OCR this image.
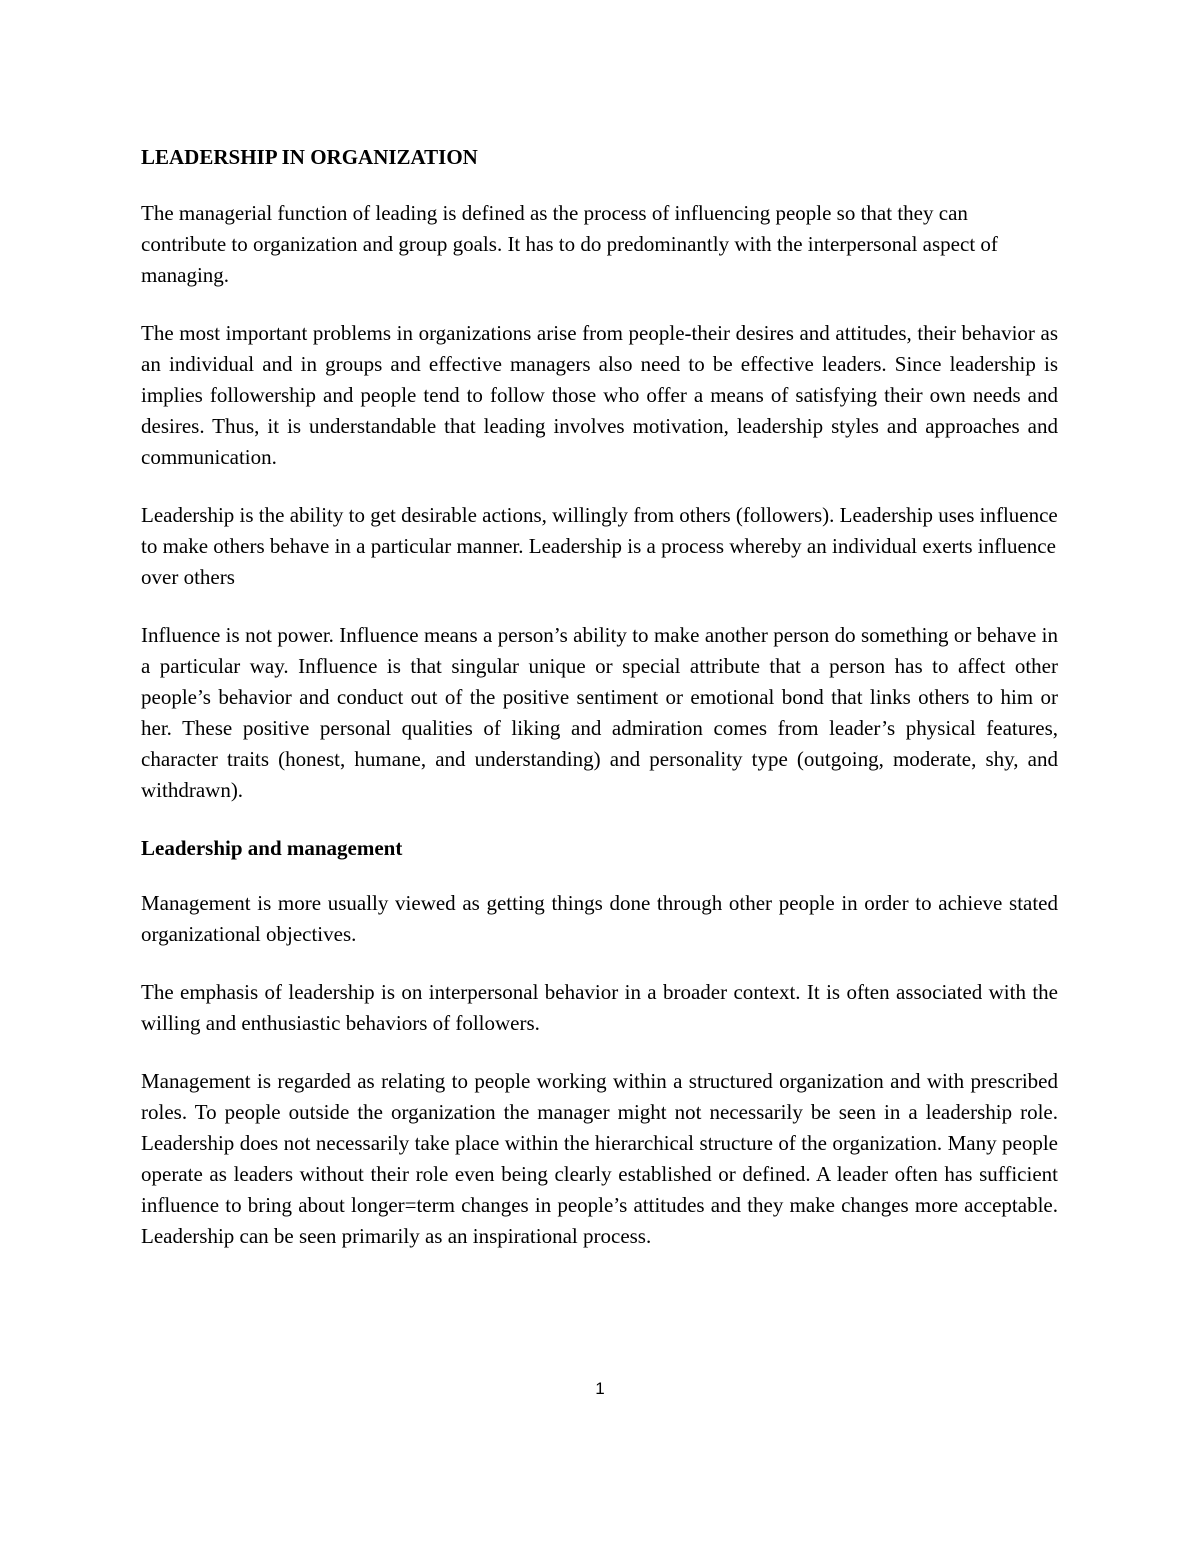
LEADERSHIP IN ORGANIZATION

The managerial function of leading is defined as the process of influencing people so that they can contribute to organization and group goals. It has to do predominantly with the interpersonal aspect of managing.

The most important problems in organizations arise from people-their desires and attitudes, their behavior as an individual and in groups and effective managers also need to be effective leaders. Since leadership is implies followership and people tend to follow those who offer a means of satisfying their own needs and desires. Thus, it is understandable that leading involves motivation, leadership styles and approaches and communication.

Leadership is the ability to get desirable actions, willingly from others (followers). Leadership uses influence to make others behave in a particular manner. Leadership is a process whereby an individual exerts influence over others

Influence is not power. Influence means a person’s ability to make another person do something or behave in a particular way. Influence is that singular unique or special attribute that a person has to affect other people’s behavior and conduct out of the positive sentiment or emotional bond that links others to him or her. These positive personal qualities of liking and admiration comes from leader’s physical features, character traits (honest, humane, and understanding) and personality type (outgoing, moderate, shy, and withdrawn).

Leadership and management

Management is more usually viewed as getting things done through other people in order to achieve stated organizational objectives.

The emphasis of leadership is on interpersonal behavior in a broader context. It is often associated with the willing and enthusiastic behaviors of followers.

Management is regarded as relating to people working within a structured organization and with prescribed roles. To people outside the organization the manager might not necessarily be seen in a leadership role. Leadership does not necessarily take place within the hierarchical structure of the organization. Many people operate as leaders without their role even being clearly established or defined. A leader often has sufficient influence to bring about longer=term changes in people’s attitudes and they make changes more acceptable. Leadership can be seen primarily as an inspirational process.

1
